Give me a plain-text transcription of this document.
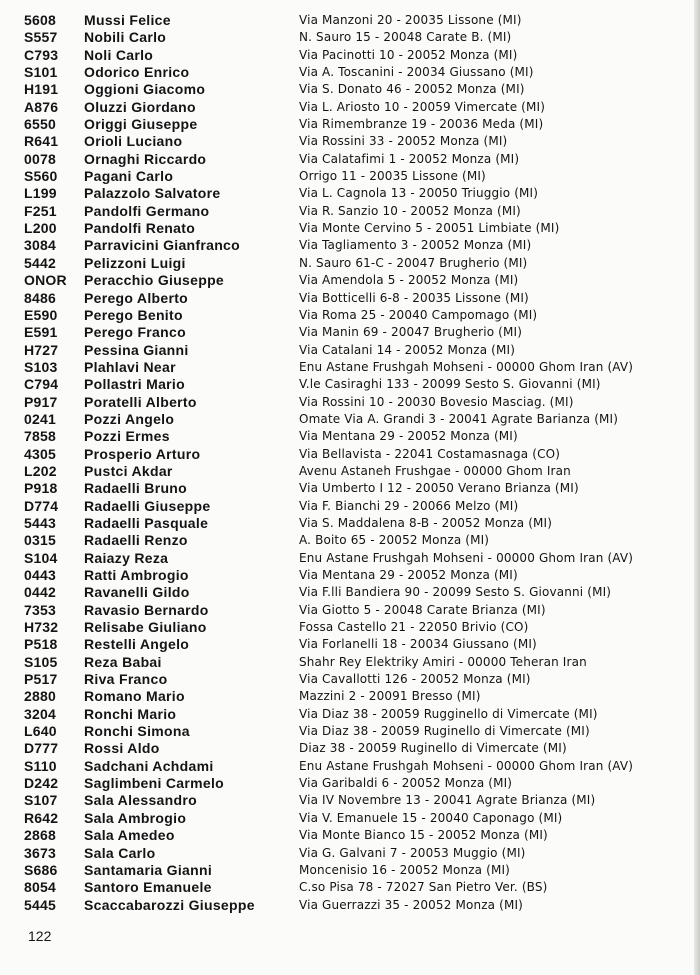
5608	Mussi Felice	Via Manzoni 20 - 20035 Lissone (MI)
S557	Nobili Carlo	N. Sauro 15 - 20048 Carate B. (MI)
C793	Noli Carlo	Via Pacinotti 10 - 20052 Monza (MI)
S101	Odorico Enrico	Via A. Toscanini - 20034 Giussano (MI)
H191	Oggioni Giacomo	Via S. Donato 46 - 20052 Monza (MI)
A876	Oluzzi Giordano	Via L. Ariosto 10 - 20059 Vimercate (MI)
6550	Origgi Giuseppe	Via Rimembranze 19 - 20036 Meda (MI)
R641	Orioli Luciano	Via Rossini 33 - 20052 Monza (MI)
0078	Ornaghi Riccardo	Via Calatafimi 1 - 20052 Monza (MI)
S560	Pagani Carlo	Orrigo 11 - 20035 Lissone (MI)
L199	Palazzolo Salvatore	Via L. Cagnola 13 - 20050 Triuggio (MI)
F251	Pandolfi Germano	Via R. Sanzio 10 - 20052 Monza (MI)
L200	Pandolfi Renato	Via Monte Cervino 5 - 20051 Limbiate (MI)
3084	Parravicini Gianfranco	Via Tagliamento 3 - 20052 Monza (MI)
5442	Pelizzoni Luigi	N. Sauro 61-C - 20047 Brugherio (MI)
ONOR	Peracchio Giuseppe	Via Amendola 5 - 20052 Monza (MI)
8486	Perego Alberto	Via Botticelli 6-8 - 20035 Lissone (MI)
E590	Perego Benito	Via Roma 25 - 20040 Campomago (MI)
E591	Perego Franco	Via Manin 69 - 20047 Brugherio (MI)
H727	Pessina Gianni	Via Catalani 14 - 20052 Monza (MI)
S103	Plahlavi Near	Enu Astane Frushgah Mohseni - 00000 Ghom Iran (AV)
C794	Pollastri Mario	V.le Casiraghi 133 - 20099 Sesto S. Giovanni (MI)
P917	Poratelli Alberto	Via Rossini 10 - 20030 Bovesio Masciag. (MI)
0241	Pozzi Angelo	Omate Via A. Grandi 3 - 20041 Agrate Barianza (MI)
7858	Pozzi Ermes	Via Mentana 29 - 20052 Monza (MI)
4305	Prosperio Arturo	Via Bellavista - 22041 Costamasnaga (CO)
L202	Pustci Akdar	Avenu Astaneh Frushgae - 00000 Ghom Iran
P918	Radaelli Bruno	Via Umberto I 12 - 20050 Verano Brianza (MI)
D774	Radaelli Giuseppe	Via F. Bianchi 29 - 20066 Melzo (MI)
5443	Radaelli Pasquale	Via S. Maddalena 8-B - 20052 Monza (MI)
0315	Radaelli Renzo	A. Boito 65 - 20052 Monza (MI)
S104	Raiazy Reza	Enu Astane Frushgah Mohseni - 00000 Ghom Iran (AV)
0443	Ratti Ambrogio	Via Mentana 29 - 20052 Monza (MI)
0442	Ravanelli Gildo	Via F.lli Bandiera 90 - 20099 Sesto S. Giovanni (MI)
7353	Ravasio Bernardo	Via Giotto 5 - 20048 Carate Brianza (MI)
H732	Relisabe Giuliano	Fossa Castello 21 - 22050 Brivio (CO)
P518	Restelli Angelo	Via Forlanelli 18 - 20034 Giussano (MI)
S105	Reza Babai	Shahr Rey Elektriky Amiri - 00000 Teheran Iran
P517	Riva Franco	Via Cavallotti 126 - 20052 Monza (MI)
2880	Romano Mario	Mazzini 2 - 20091 Bresso (MI)
3204	Ronchi Mario	Via Diaz 38 - 20059 Rugginello di Vimercate (MI)
L640	Ronchi Simona	Via Diaz 38 - 20059 Ruginello di Vimercate (MI)
D777	Rossi Aldo	Diaz 38 - 20059 Ruginello di Vimercate (MI)
S110	Sadchani Achdami	Enu Astane Frushgah Mohseni - 00000 Ghom Iran (AV)
D242	Saglimbeni Carmelo	Via Garibaldi 6 - 20052 Monza (MI)
S107	Sala Alessandro	Via IV Novembre 13 - 20041 Agrate Brianza (MI)
R642	Sala Ambrogio	Via V. Emanuele 15 - 20040 Caponago (MI)
2868	Sala Amedeo	Via Monte Bianco 15 - 20052 Monza (MI)
3673	Sala Carlo	Via G. Galvani 7 - 20053 Muggio (MI)
S686	Santamaria Gianni	Moncenisio 16 - 20052 Monza (MI)
8054	Santoro Emanuele	C.so Pisa 78 - 72027 San Pietro Ver. (BS)
5445	Scaccabarozzi Giuseppe	Via Guerrazzi 35 - 20052 Monza (MI)
122
